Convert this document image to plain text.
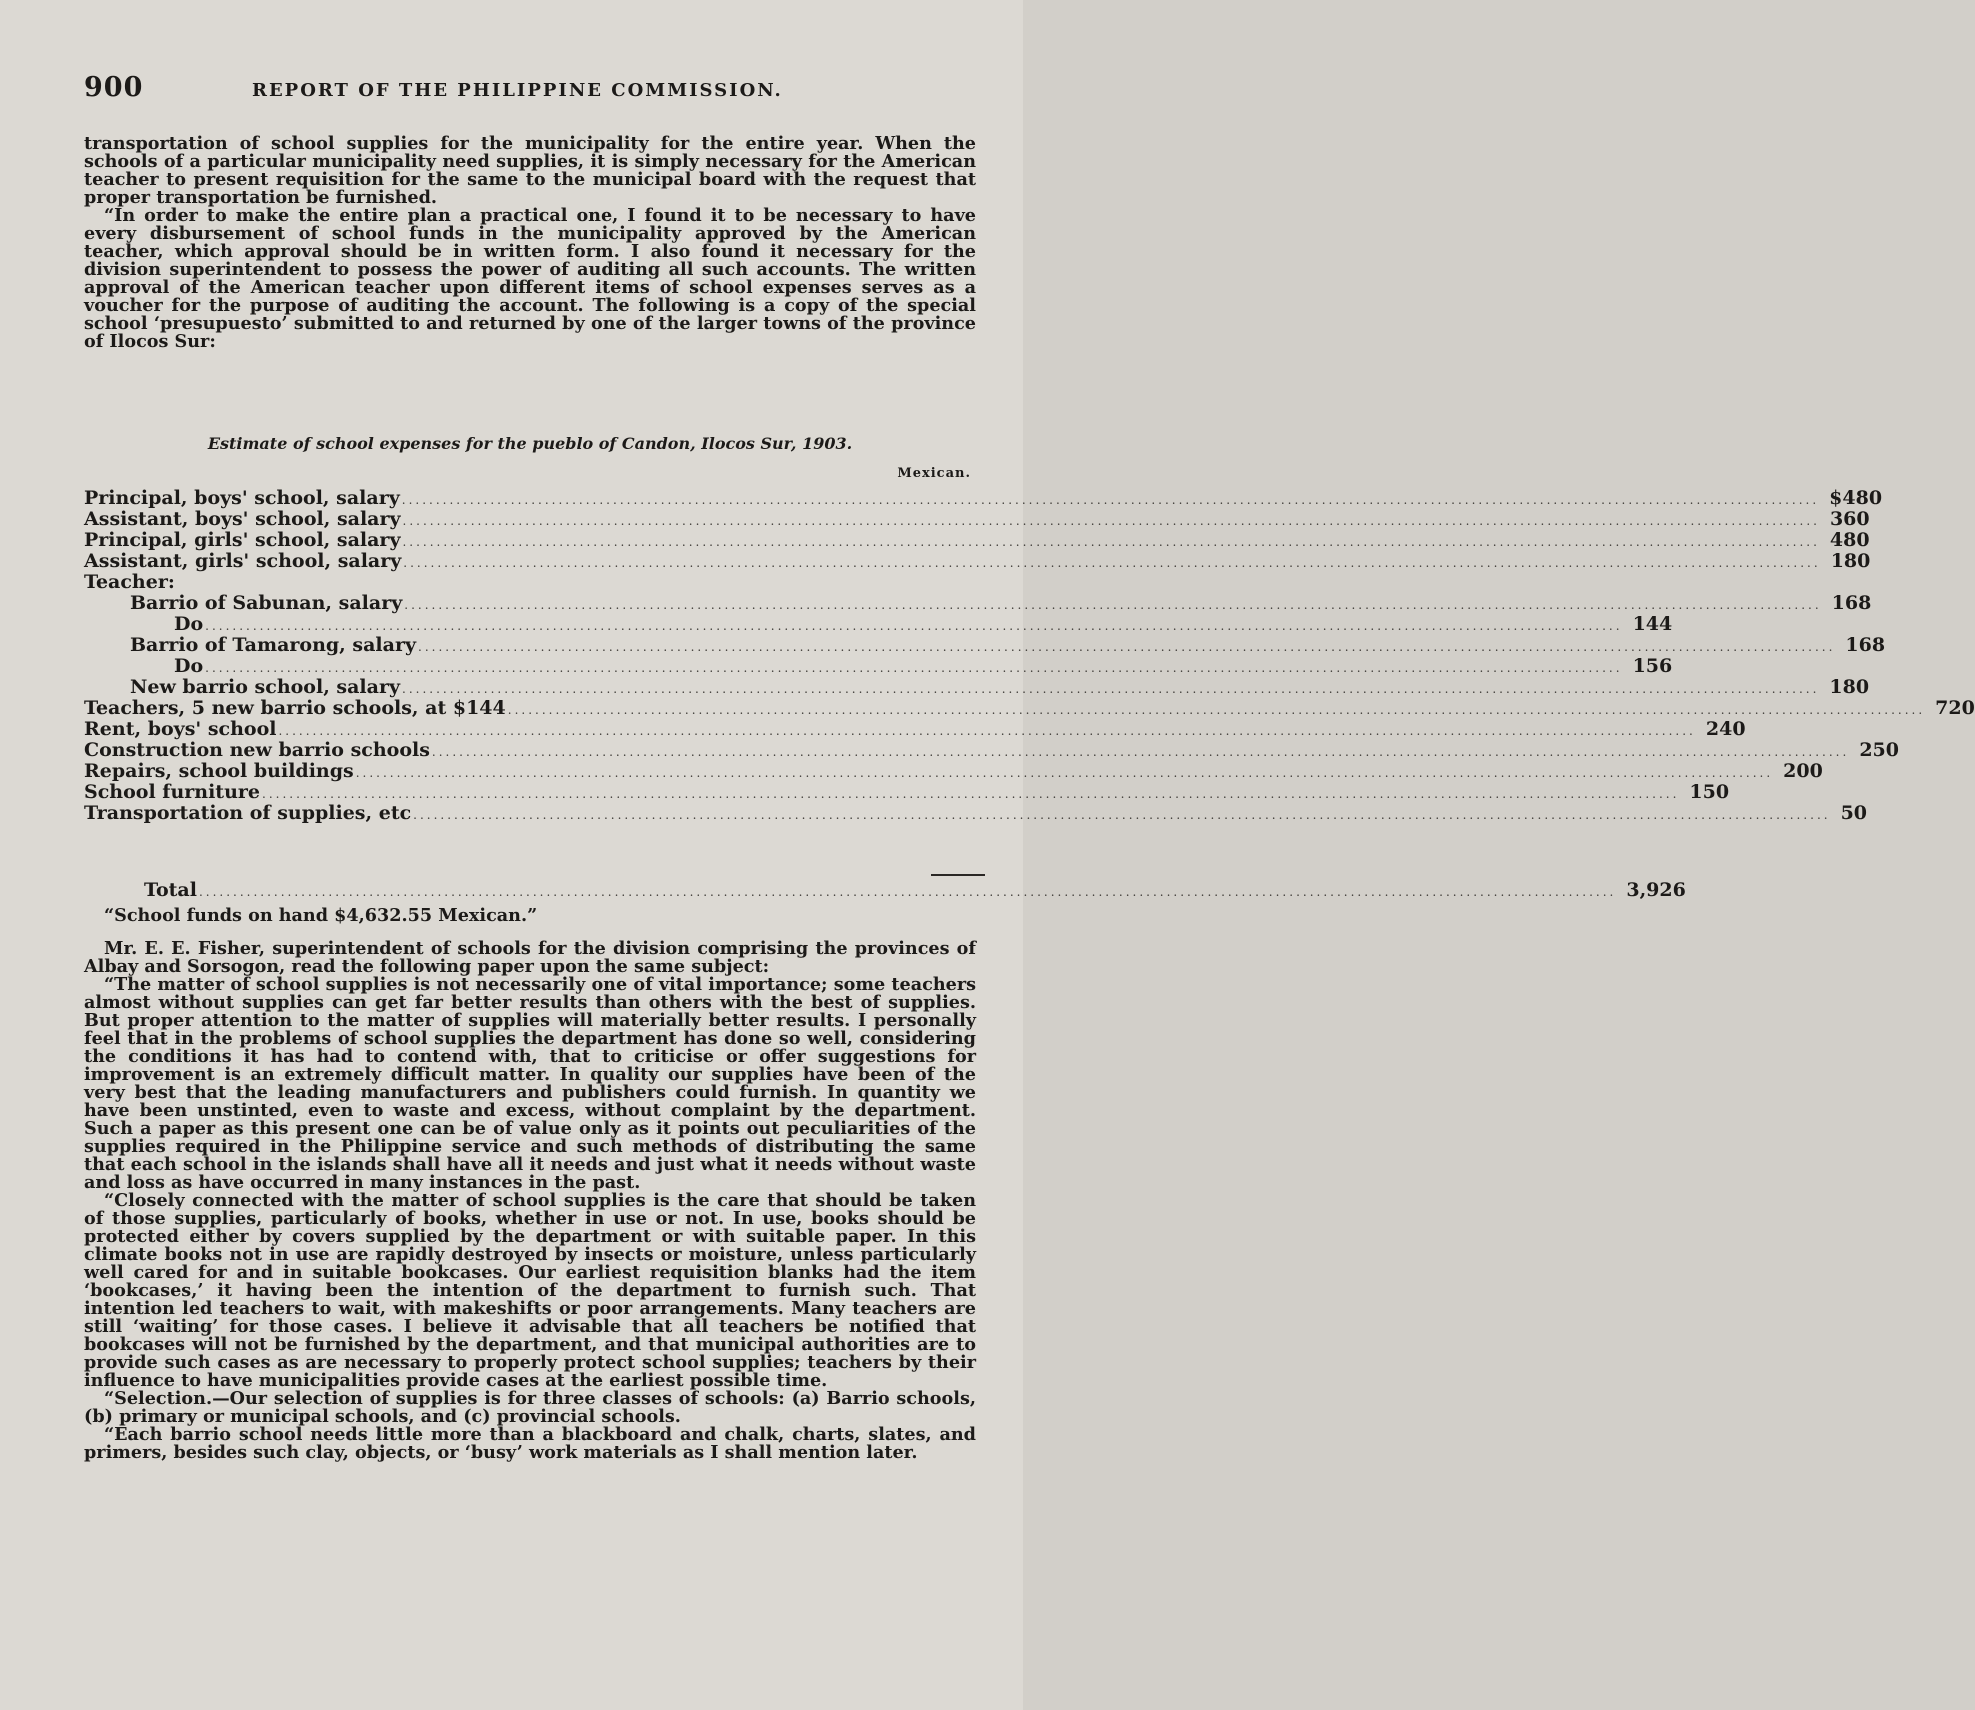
900	REPORT OF THE PHILIPPINE COMMISSION.

transportation of school supplies for the municipality for the entire year. When the schools of a particular municipality need supplies, it is simply necessary for the American teacher to present requisition for the same to the municipal board with the request that proper transportation be furnished.

“In order to make the entire plan a practical one, I found it to be necessary to have every disbursement of school funds in the municipality approved by the American teacher, which approval should be in written form. I also found it necessary for the division superintendent to possess the power of auditing all such accounts. The written approval of the American teacher upon different items of school expenses serves as a voucher for the purpose of auditing the account. The following is a copy of the special school ‘presupuesto’ submitted to and returned by one of the larger towns of the province of Ilocos Sur:

Estimate of school expenses for the pueblo of Candon, Ilocos Sur, 1903.
Mexican.
Principal, boys' school, salary .....	$480
Assistant, boys' school, salary .....	360
Principal, girls' school, salary .....	480
Assistant, girls' school, salary .....	180
Teacher:
Barrio of Sabunan, salary .....	168
Do .....	144
Barrio of Tamarong, salary .....	168
Do .....	156
New barrio school, salary .....	180
Teachers, 5 new barrio schools, at $144 .....	720
Rent, boys' school .....	240
Construction new barrio schools .....	250
Repairs, school buildings .....	200
School furniture .....	150
Transportation of supplies, etc .....	50
Total .....	3,926

“School funds on hand $4,632.55 Mexican.”

Mr. E. E. Fisher, superintendent of schools for the division comprising the provinces of Albay and Sorsogon, read the following paper upon the same subject:

“The matter of school supplies is not necessarily one of vital importance; some teachers almost without supplies can get far better results than others with the best of supplies. But proper attention to the matter of supplies will materially better results. I personally feel that in the problems of school supplies the department has done so well, considering the conditions it has had to contend with, that to criticise or offer suggestions for improvement is an extremely difficult matter. In quality our supplies have been of the very best that the leading manufacturers and publishers could furnish. In quantity we have been unstinted, even to waste and excess, without complaint by the department. Such a paper as this present one can be of value only as it points out peculiarities of the supplies required in the Philippine service and such methods of distributing the same that each school in the islands shall have all it needs and just what it needs without waste and loss as have occurred in many instances in the past.

“Closely connected with the matter of school supplies is the care that should be taken of those supplies, particularly of books, whether in use or not. In use, books should be protected either by covers supplied by the department or with suitable paper. In this climate books not in use are rapidly destroyed by insects or moisture, unless particularly well cared for and in suitable bookcases. Our earliest requisition blanks had the item ‘bookcases,’ it having been the intention of the department to furnish such. That intention led teachers to wait, with makeshifts or poor arrangements. Many teachers are still ‘waiting’ for those cases. I believe it advisable that all teachers be notified that bookcases will not be furnished by the department, and that municipal authorities are to provide such cases as are necessary to properly protect school supplies; teachers by their influence to have municipalities provide cases at the earliest possible time.

“Selection.—Our selection of supplies is for three classes of schools: (a) Barrio schools, (b) primary or municipal schools, and (c) provincial schools.

“Each barrio school needs little more than a blackboard and chalk, charts, slates, and primers, besides such clay, objects, or ‘busy’ work materials as I shall mention later.
